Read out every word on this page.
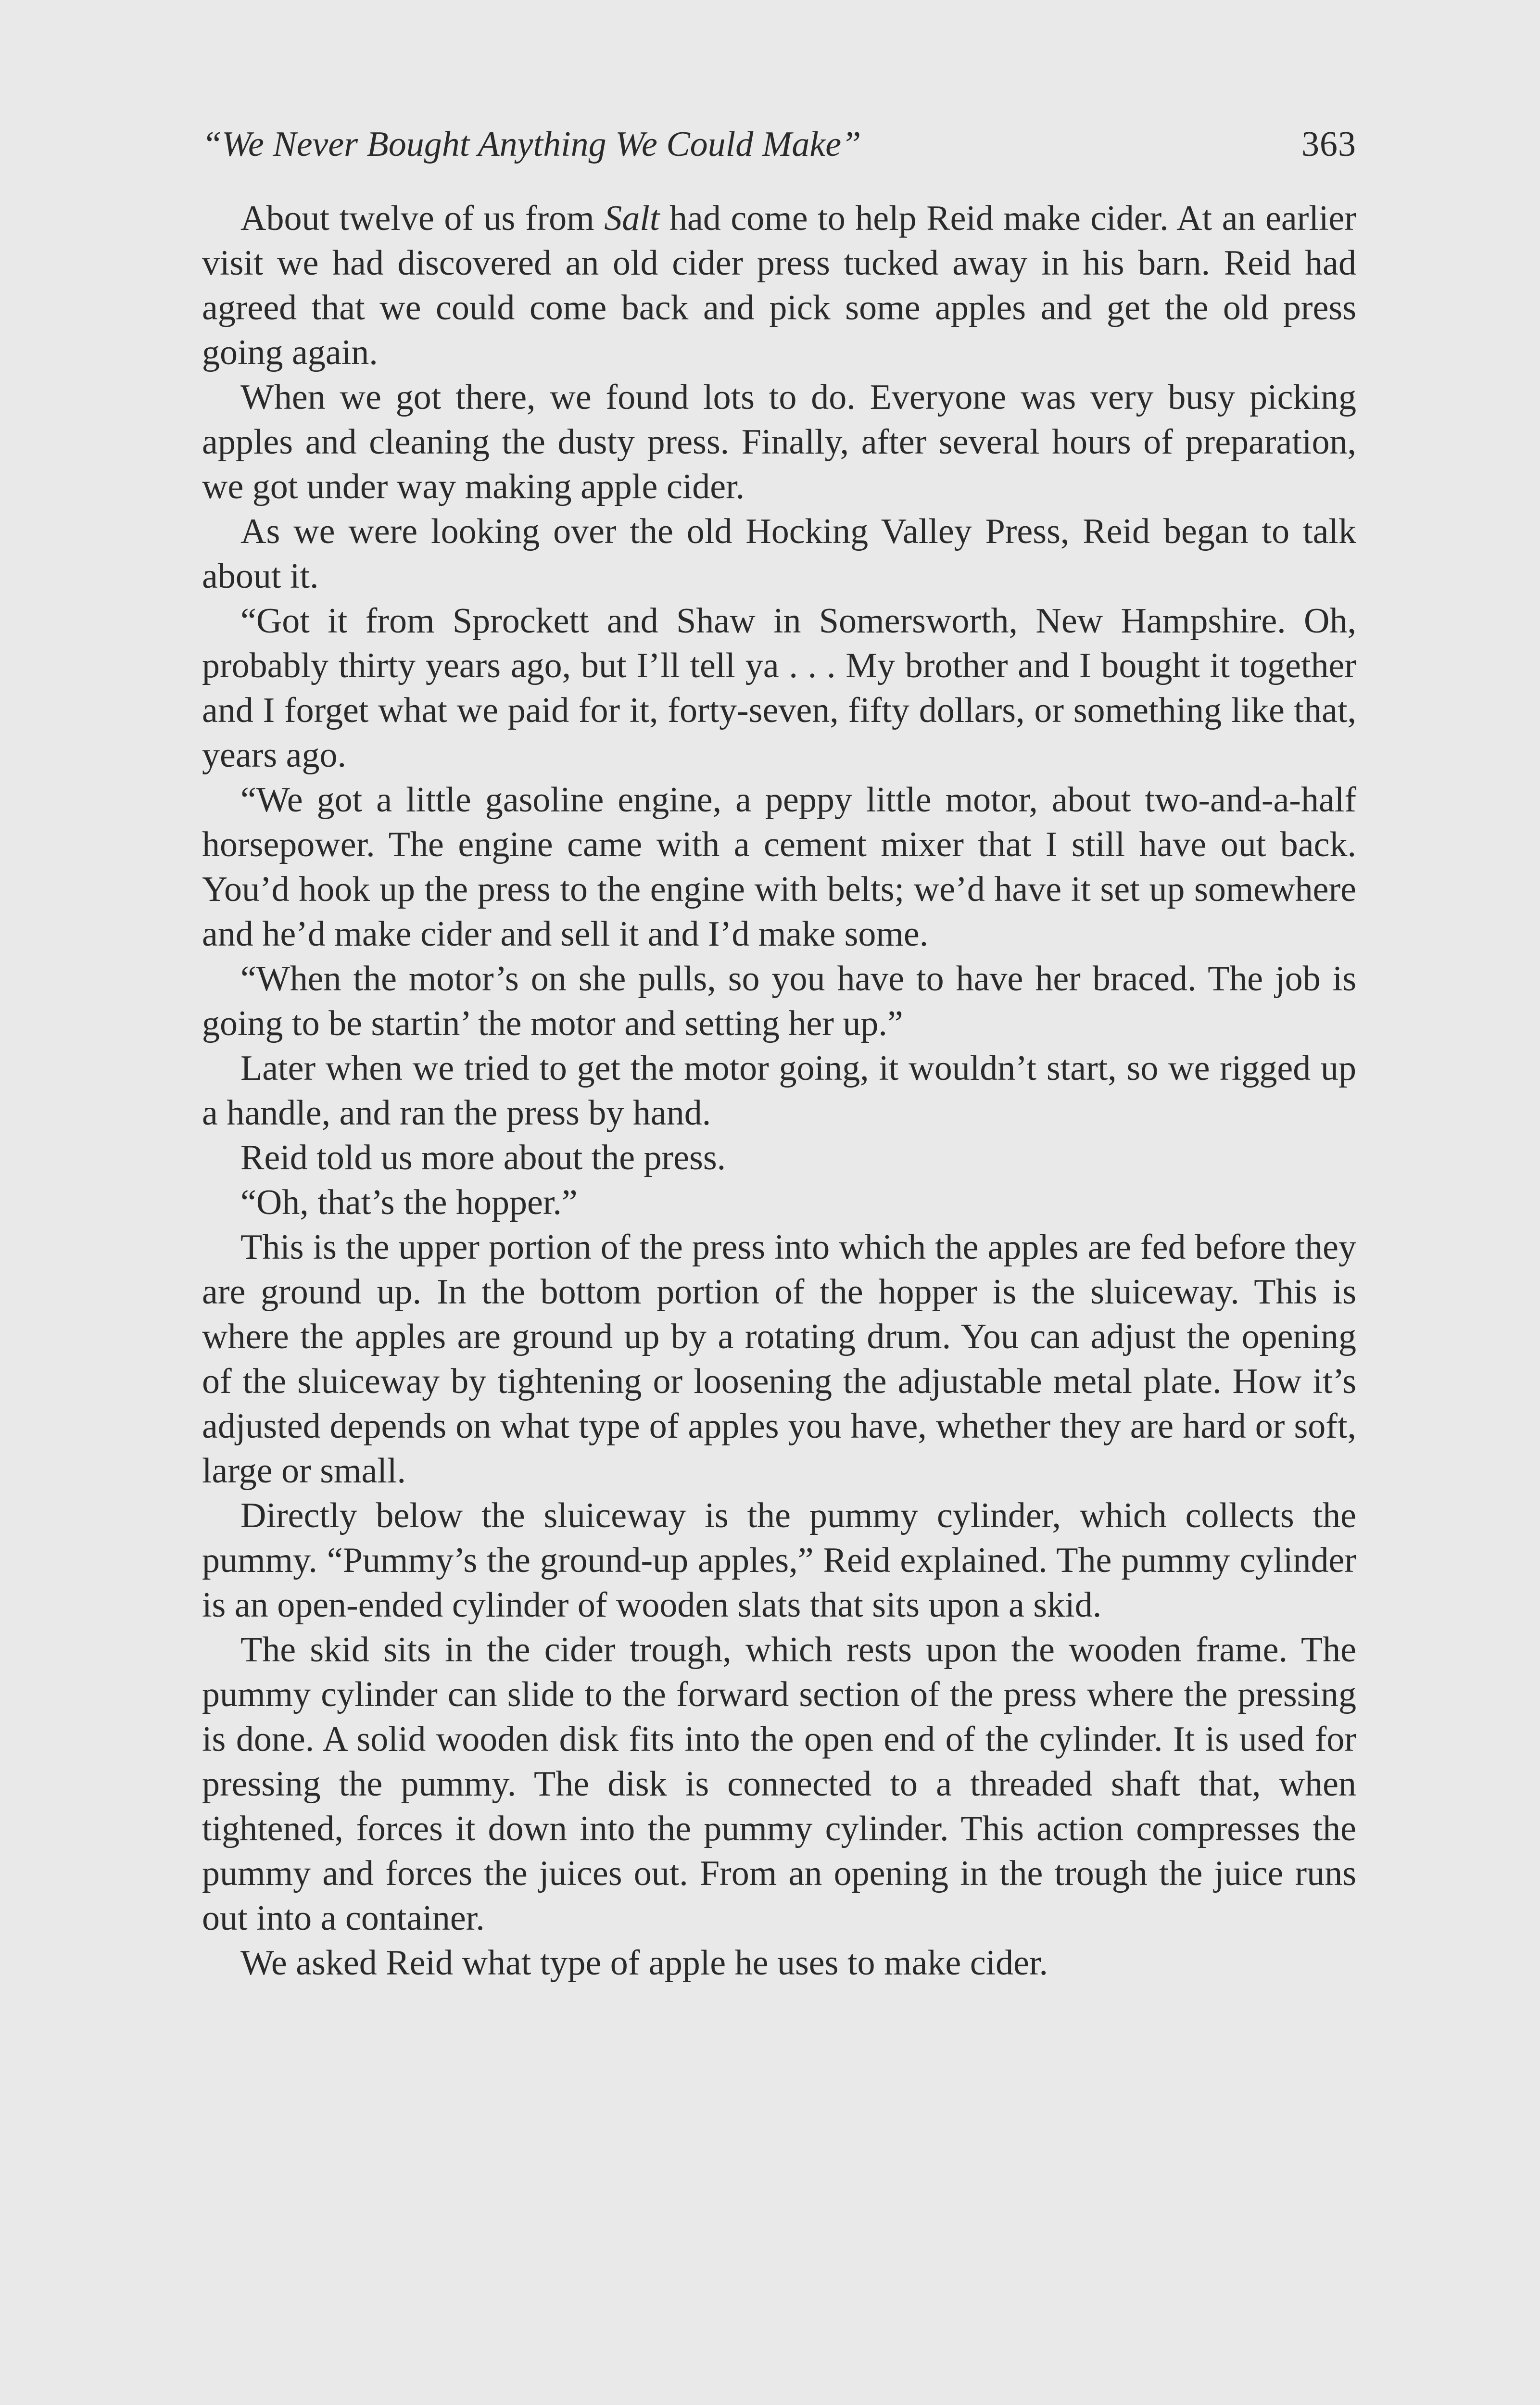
“We Never Bought Anything We Could Make”	363

About twelve of us from Salt had come to help Reid make cider. At an earlier visit we had discovered an old cider press tucked away in his barn. Reid had agreed that we could come back and pick some apples and get the old press going again.

When we got there, we found lots to do. Everyone was very busy picking apples and cleaning the dusty press. Finally, after several hours of preparation, we got under way making apple cider.

As we were looking over the old Hocking Valley Press, Reid began to talk about it.

“Got it from Sprockett and Shaw in Somersworth, New Hampshire. Oh, probably thirty years ago, but I’ll tell ya . . . My brother and I bought it together and I forget what we paid for it, forty-seven, fifty dollars, or something like that, years ago.

“We got a little gasoline engine, a peppy little motor, about two-and-a-half horsepower. The engine came with a cement mixer that I still have out back. You’d hook up the press to the engine with belts; we’d have it set up somewhere and he’d make cider and sell it and I’d make some.

“When the motor’s on she pulls, so you have to have her braced. The job is going to be startin’ the motor and setting her up.”

Later when we tried to get the motor going, it wouldn’t start, so we rigged up a handle, and ran the press by hand.

Reid told us more about the press.

“Oh, that’s the hopper.”

This is the upper portion of the press into which the apples are fed before they are ground up. In the bottom portion of the hopper is the sluiceway. This is where the apples are ground up by a rotating drum. You can adjust the opening of the sluiceway by tightening or loosening the adjustable metal plate. How it’s adjusted depends on what type of apples you have, whether they are hard or soft, large or small.

Directly below the sluiceway is the pummy cylinder, which collects the pummy. “Pummy’s the ground-up apples,” Reid explained. The pummy cylinder is an open-ended cylinder of wooden slats that sits upon a skid.

The skid sits in the cider trough, which rests upon the wooden frame. The pummy cylinder can slide to the forward section of the press where the pressing is done. A solid wooden disk fits into the open end of the cylinder. It is used for pressing the pummy. The disk is connected to a threaded shaft that, when tightened, forces it down into the pummy cylinder. This action compresses the pummy and forces the juices out. From an opening in the trough the juice runs out into a container.

We asked Reid what type of apple he uses to make cider.
